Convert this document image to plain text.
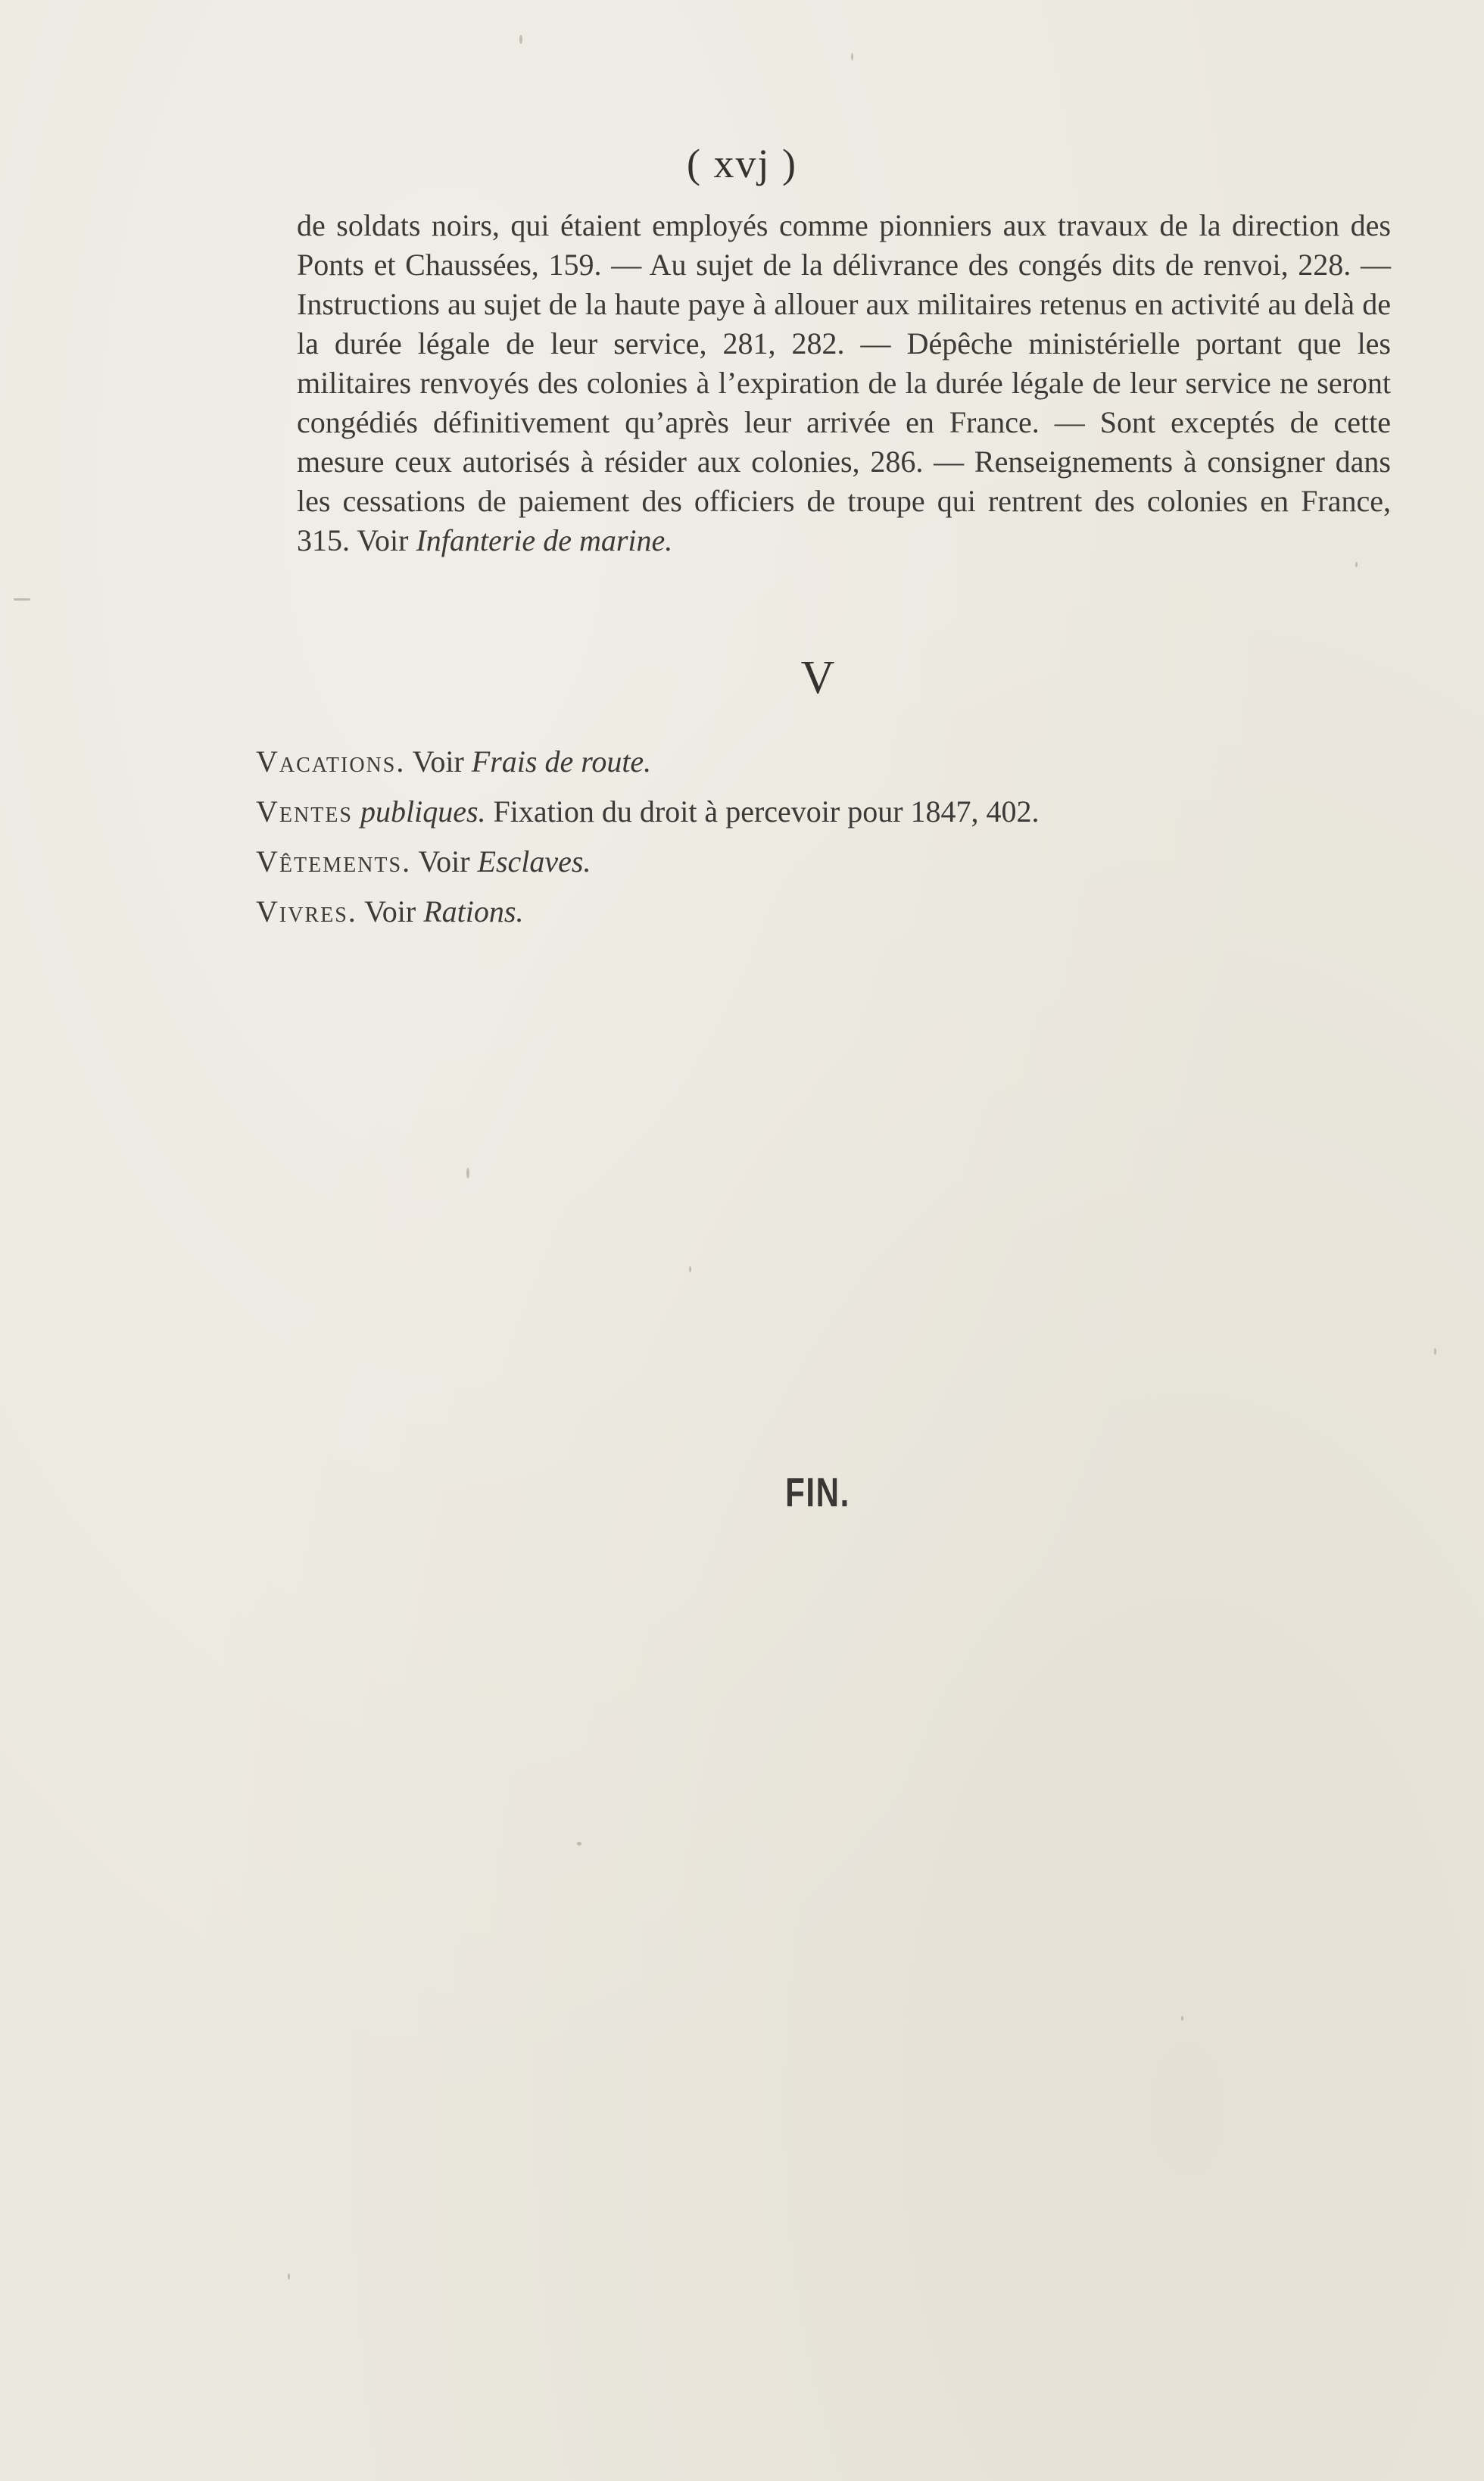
( xvj )
de soldats noirs, qui étaient employés comme pionniers aux travaux de la direction des Ponts et Chaussées, 159. — Au sujet de la délivrance des congés dits de renvoi, 228. — Instructions au sujet de la haute paye à allouer aux militaires retenus en activité au delà de la durée légale de leur service, 281, 282. — Dépêche ministérielle portant que les militaires renvoyés des colonies à l’expiration de la durée légale de leur service ne seront congédiés définitivement qu’après leur arrivée en France. — Sont exceptés de cette mesure ceux autorisés à résider aux colonies, 286. — Renseignements à consigner dans les cessations de paiement des officiers de troupe qui rentrent des colonies en France, 315. Voir Infanterie de marine.
V
Vacations. Voir Frais de route.
Ventes publiques. Fixation du droit à percevoir pour 1847, 402.
Vêtements. Voir Esclaves.
Vivres. Voir Rations.
FIN.
